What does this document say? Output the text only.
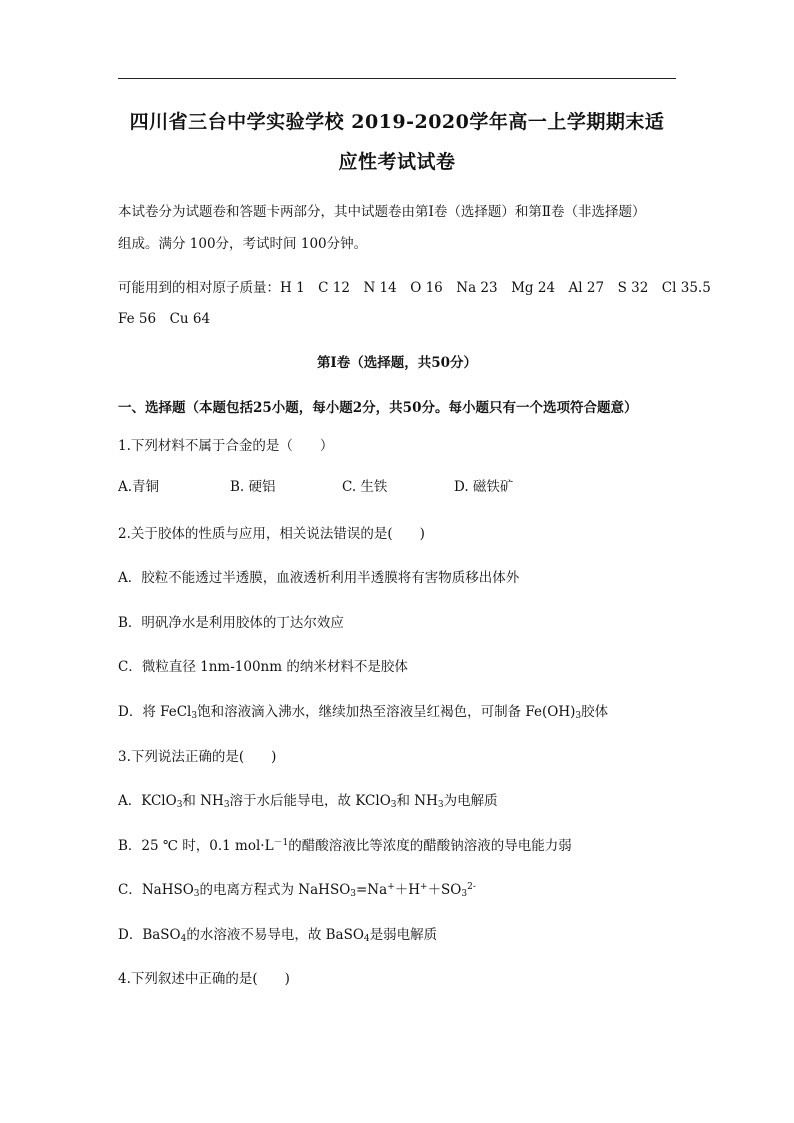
四川省三台中学实验学校 2019-2020学年高一上学期期末适
应性考试试卷
本试卷分为试题卷和答题卡两部分，其中试题卷由第Ⅰ卷（选择题）和第Ⅱ卷（非选择题）
组成。满分 100分，考试时间 100分钟。
可能用到的相对原子质量：H 1　C 12　N 14　O 16　Na 23　Mg 24　Al 27　S 32　Cl 35.5
Fe 56　Cu 64
第Ⅰ卷（选择题，共50分）
一、选择题（本题包括25小题，每小题2分，共50分。每小题只有一个选项符合题意）
1.下列材料不属于合金的是（　　）
A.青铜	B. 硬铝	C. 生铁	D. 磁铁矿
2.关于胶体的性质与应用，相关说法错误的是(　　)
A．胶粒不能透过半透膜，血液透析利用半透膜将有害物质移出体外
B．明矾净水是利用胶体的丁达尔效应
C．微粒直径 1nm-100nm 的纳米材料不是胶体
D．将 FeCl$_3$饱和溶液滴入沸水，继续加热至溶液呈红褐色，可制备 $Fe(OH)_3$胶体
3.下列说法正确的是(　　)
A．KClO$_3$和 $NH_3$溶于水后能导电，故 KClO$_3$和 $NH_3$为电解质
B．25 ℃ 时，0.1 $mol\cdot L^{-1}$的醋酸溶液比等浓度的醋酸钠溶液的导电能力弱
C．NaHSO$_3$的电离方程式为 $NaHSO_3=Na^++H^++SO_3^{2-}$
D．BaSO$_4$的水溶液不易导电，故 BaSO$_4$是弱电解质
4.下列叙述中正确的是(　　)
